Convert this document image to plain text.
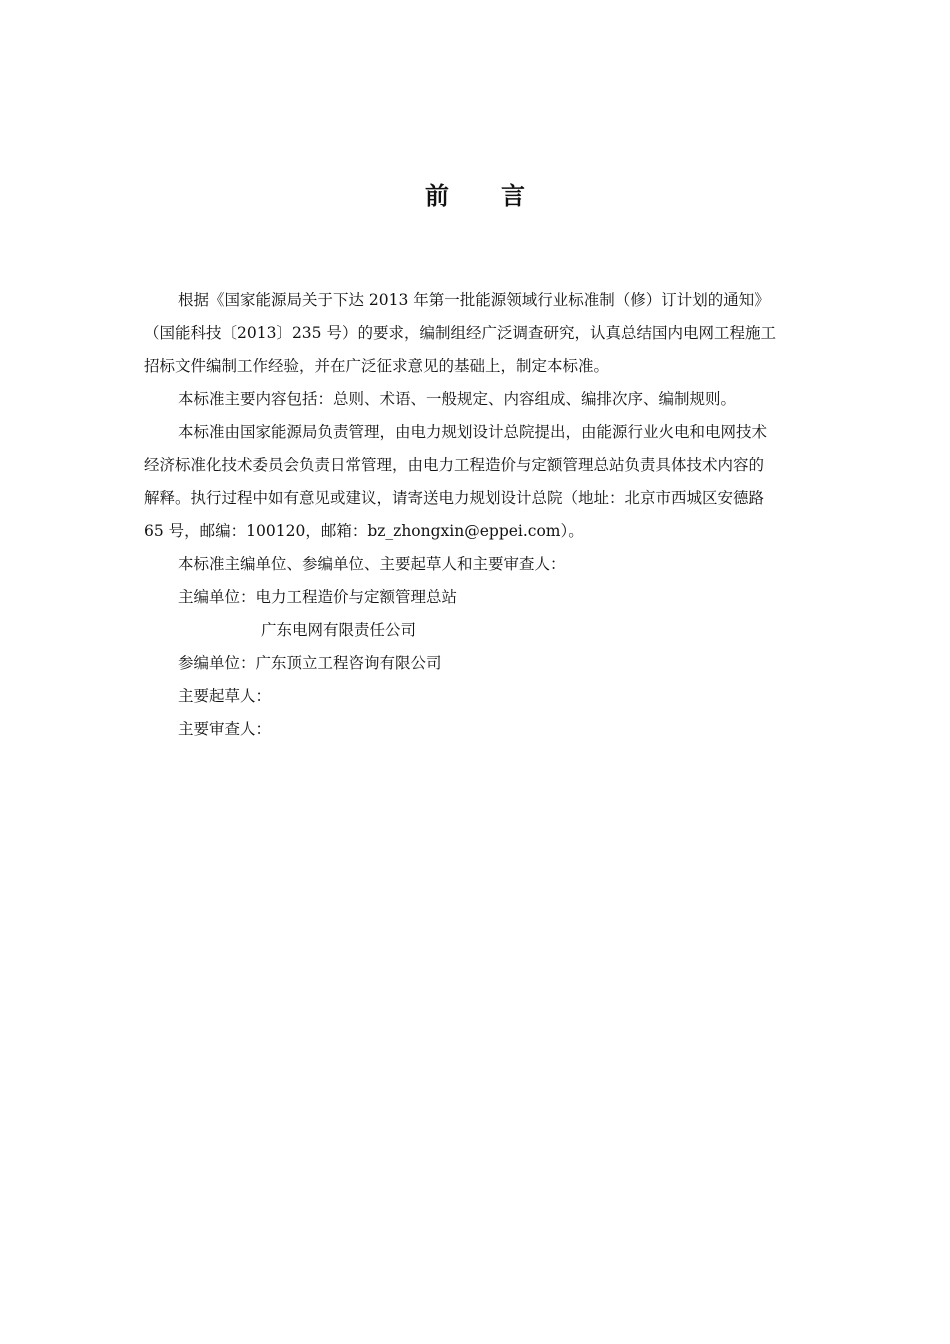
前 言
根据《国家能源局关于下达 2013 年第一批能源领域行业标准制（修）订计划的通知》
（国能科技〔2013〕235 号）的要求，编制组经广泛调查研究，认真总结国内电网工程施工
招标文件编制工作经验，并在广泛征求意见的基础上，制定本标准。
本标准主要内容包括：总则、术语、一般规定、内容组成、编排次序、编制规则。
本标准由国家能源局负责管理，由电力规划设计总院提出，由能源行业火电和电网技术
经济标准化技术委员会负责日常管理，由电力工程造价与定额管理总站负责具体技术内容的
解释。执行过程中如有意见或建议，请寄送电力规划设计总院（地址：北京市西城区安德路
65 号，邮编：100120，邮箱：bz_zhongxin@eppei.com）。
本标准主编单位、参编单位、主要起草人和主要审查人：
主编单位：电力工程造价与定额管理总站
广东电网有限责任公司
参编单位：广东顶立工程咨询有限公司
主要起草人：
主要审查人：
